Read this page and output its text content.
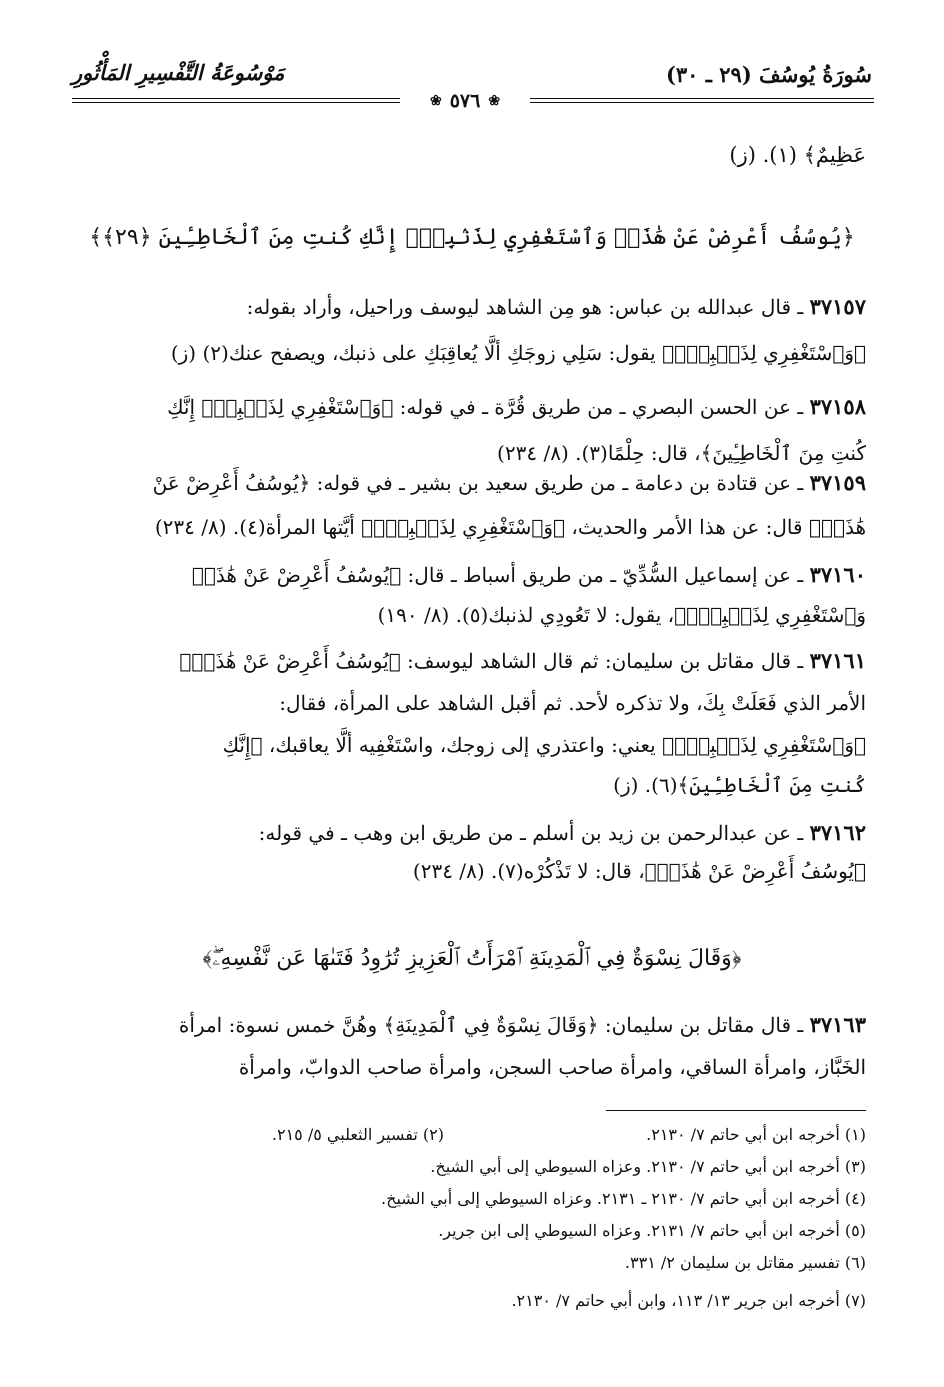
سُورَةُ يُوسُفَ (٢٩ ـ ٣٠)
مَوْسُوعَةُ التَّفْسِيرِ المَأْثُورِ
❀
٥٧٦
❀
عَظِيمٌ﴾ (١). (ز)
﴿يُوسُفُ أَعْرِضْ عَنْ هَٰذَاۚ وَٱسْتَغْفِرِي لِذَنۢبِكِۖ إِنَّكِ كُنتِ مِنَ ٱلْخَاطِـِٔينَ ﴿٢٩﴾﴾
٣٧١٥٧ ـ قال عبدالله بن عباس: هو مِن الشاهد ليوسف وراحيل، وأراد بقوله:
﴿وَٱسْتَغْفِرِي لِذَنۢبِكِۖ﴾ يقول: سَلِي زوجَكِ ألَّا يُعاقِبَكِ على ذنبك، ويصفح عنك(٢) (ز)
٣٧١٥٨ ـ عن الحسن البصري ـ من طريق قُرَّة ـ في قوله: ﴿وَٱسْتَغْفِرِي لِذَنۢبِكِۖ إِنَّكِ
كُنتِ مِنَ ٱلْخَاطِـِٔينَ﴾، قال: حِلْمًا(٣). (٨/ ٢٣٤)
٣٧١٥٩ ـ عن قتادة بن دعامة ـ من طريق سعيد بن بشير ـ في قوله: ﴿يُوسُفُ أَعْرِضْ عَنْ
هَٰذَاۚ﴾ قال: عن هذا الأمر والحديث، ﴿وَٱسْتَغْفِرِي لِذَنۢبِكِۖ﴾ أيَّتها المرأة(٤). (٨/ ٢٣٤)
٣٧١٦٠ ـ عن إسماعيل السُّدِّيّ ـ من طريق أسباط ـ قال: ﴿يُوسُفُ أَعْرِضْ عَنْ هَٰذَاۚ
وَٱسْتَغْفِرِي لِذَنۢبِكِۖ﴾، يقول: لا تَعُودِي لذنبك(٥). (٨/ ١٩٠)
٣٧١٦١ ـ قال مقاتل بن سليمان: ثم قال الشاهد ليوسف: ﴿يُوسُفُ أَعْرِضْ عَنْ هَٰذَاۚ﴾
الأمر الذي فَعَلَتْ بِكَ، ولا تذكره لأحد. ثم أقبل الشاهد على المرأة، فقال:
﴿وَٱسْتَغْفِرِي لِذَنۢبِكِۖ﴾ يعني: واعتذري إلى زوجك، واسْتَغْفِيه ألَّا يعاقبك، ﴿إِنَّكِ
كُنتِ مِنَ ٱلْخَاطِـِٔينَ﴾(٦). (ز)
٣٧١٦٢ ـ عن عبدالرحمن بن زيد بن أسلم ـ من طريق ابن وهب ـ في قوله:
﴿يُوسُفُ أَعْرِضْ عَنْ هَٰذَاۚ﴾، قال: لا تَذْكُرْه(٧). (٨/ ٢٣٤)
﴿وَقَالَ نِسْوَةٌ فِي ٱلْمَدِينَةِ ٱمْرَأَتُ ٱلْعَزِيزِ تُرَٰوِدُ فَتَىٰهَا عَن نَّفْسِهِۦۖ﴾
٣٧١٦٣ ـ قال مقاتل بن سليمان: ﴿وَقَالَ نِسْوَةٌ فِي ٱلْمَدِينَةِ﴾ وهُنَّ خمس نسوة: امرأة
الخَبَّاز، وامرأة الساقي، وامرأة صاحب السجن، وامرأة صاحب الدوابّ، وامرأة
(١) أخرجه ابن أبي حاتم ٧/ ٢١٣٠.
(٢) تفسير الثعلبي ٥/ ٢١٥.
(٣) أخرجه ابن أبي حاتم ٧/ ٢١٣٠. وعزاه السيوطي إلى أبي الشيخ.
(٤) أخرجه ابن أبي حاتم ٧/ ٢١٣٠ ـ ٢١٣١. وعزاه السيوطي إلى أبي الشيخ.
(٥) أخرجه ابن أبي حاتم ٧/ ٢١٣١. وعزاه السيوطي إلى ابن جرير.
(٦) تفسير مقاتل بن سليمان ٢/ ٣٣١.
(٧) أخرجه ابن جرير ١٣/ ١١٣، وابن أبي حاتم ٧/ ٢١٣٠.
